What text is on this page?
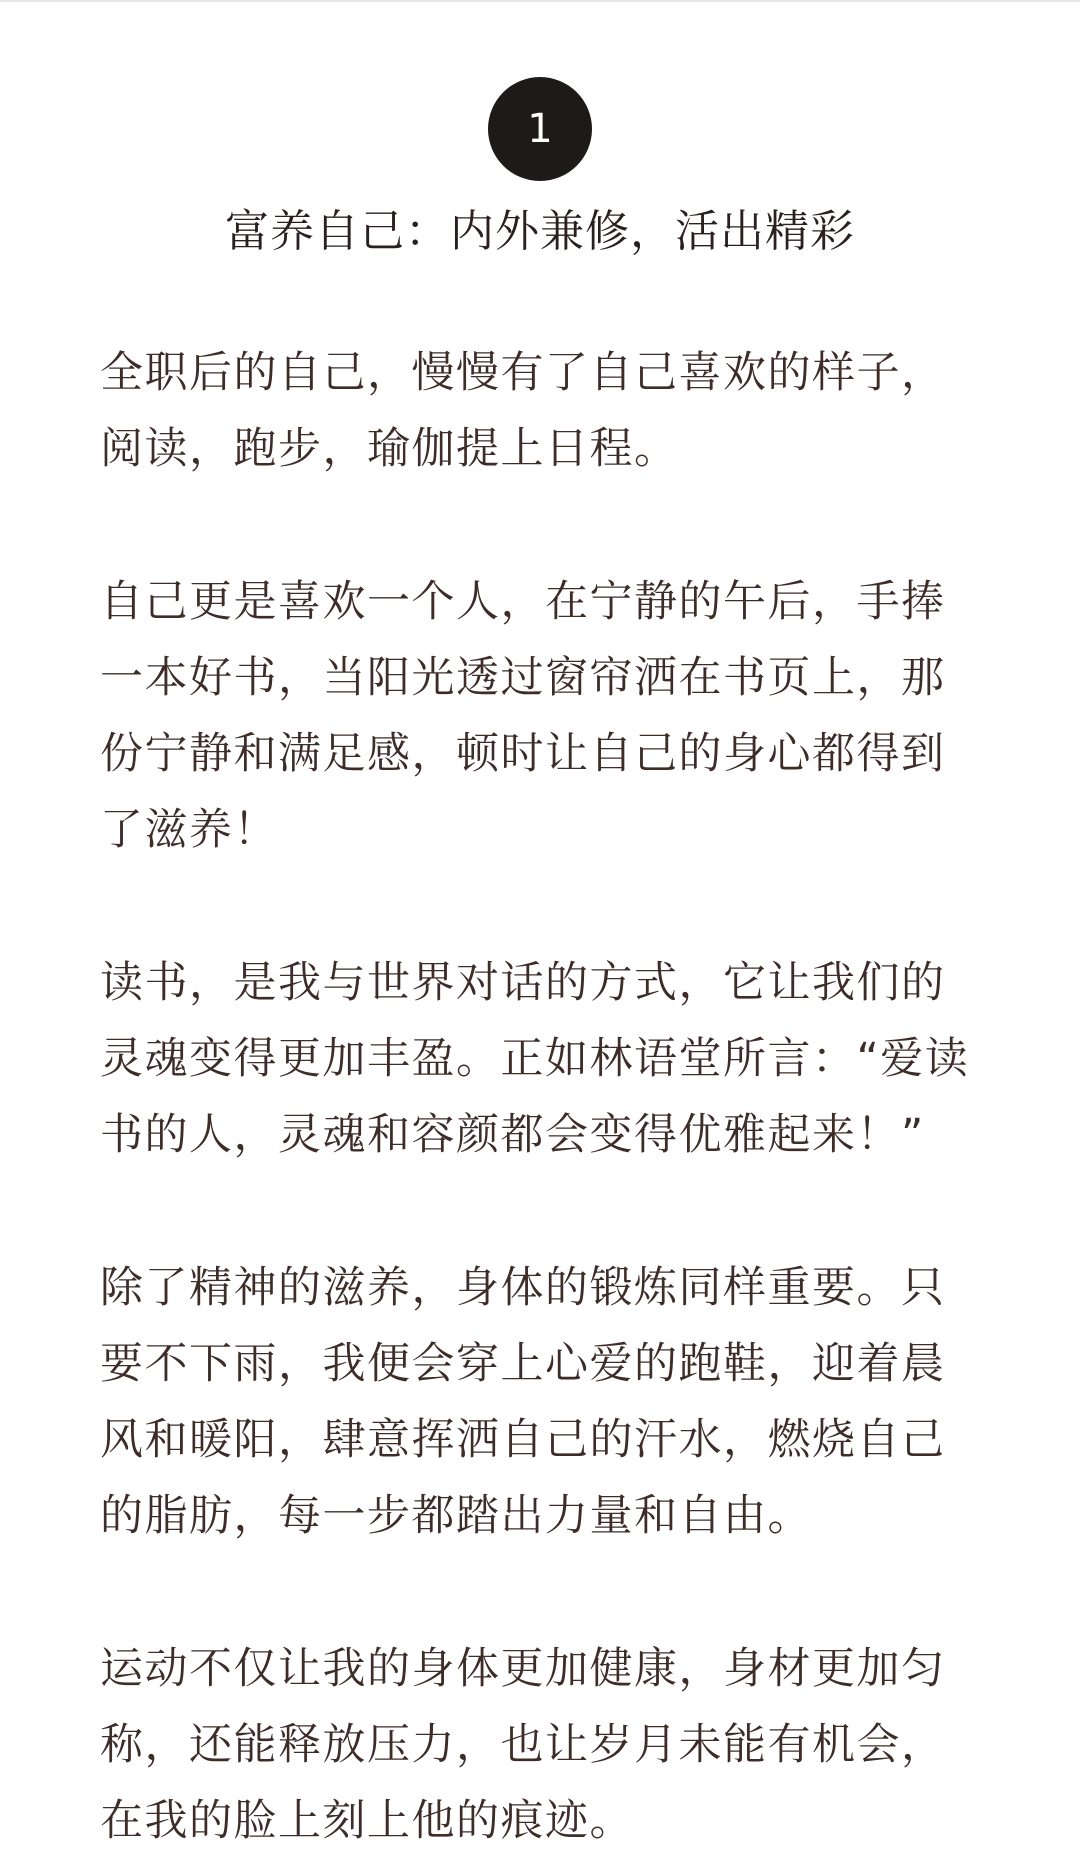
1
富养自己：内外兼修，活出精彩

全职后的自己，慢慢有了自己喜欢的样子，阅读，跑步，瑜伽提上日程。

自己更是喜欢一个人，在宁静的午后，手捧一本好书，当阳光透过窗帘洒在书页上，那份宁静和满足感，顿时让自己的身心都得到了滋养！

读书，是我与世界对话的方式，它让我们的灵魂变得更加丰盈。正如林语堂所言：“爱读书的人，灵魂和容颜都会变得优雅起来！”

除了精神的滋养，身体的锻炼同样重要。只要不下雨，我便会穿上心爱的跑鞋，迎着晨风和暖阳，肆意挥洒自己的汗水，燃烧自己的脂肪，每一步都踏出力量和自由。

运动不仅让我的身体更加健康，身材更加匀称，还能释放压力，也让岁月未能有机会，在我的脸上刻上他的痕迹。
